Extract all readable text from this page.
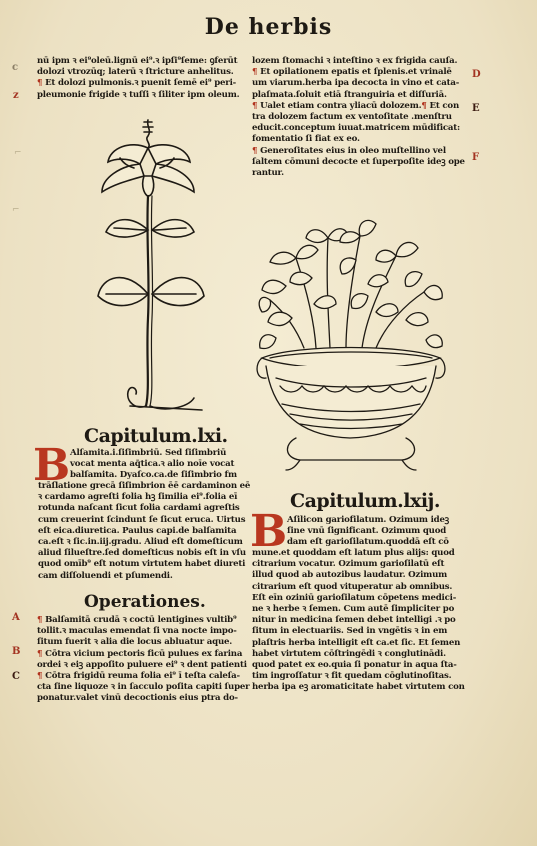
De herbis

nū ipm ꝛ ei⁹oleū.lignū ei⁹.ꝛ ipſi⁹ſeme: ꝯferūt

dolozi vtrozūq; laterū ꝛ ſtricture anhelitus.

¶ Et dolozi pulmonis.ꝛ puenit ſemē ei⁹ peri-

pleumonie frigide ꝛ tuſſi ꝛ ſiliter ipm oleum.

lozem ſtomachi ꝛ inteſtino ꝛ ex frigida cauſa.

¶ Et opilationem epatis et ſplenis.et vrinalē

um viarum.herba ipa decocta in vino et cata-

plaſmata.ſoluit etiā ſtranguiria et diſſuriā.

¶ Ualet etiam contra yliacū dolozem.¶ Et con

tra dolozem factum ex ventoſitate .menſtru

educit.conceptum iuuat.matricem mūdificat:

fomentatio ſi fiat ex eo.

¶ Generoſitates eius in oleo muſtellino vel

ſaltem cōmuni decocte et ſuperpoſite ideꝫ ope

rantur.

c
z
D
E
F
A
B
C
⌐
⌐
Capitulum.lxi.
B Alſamita.i.ſiſimbriū. Sed ſiſimbriū

vocat menta aq̄tica.ꝛ alio noīe vocat

balſamita. Dyaſco.ca.de ſiſimbrio fm

trāſlatione grecā ſiſimbrion ēē cardaminon eē

ꝛ cardamo agreſti folia hꝫ ſimilia ei⁹.folia eī

rotunda naſcant ſicut folia cardami agreſtis

cum creuerint ſcindunt ſe ſicut eruca. Uirtus

eſt eica.diuretica. Paulus capi.de balſamita

ca.eſt ꝛ ſic.in.iij.gradu. Aliud eſt domeſticum

aliud ſilueſtre.ſed domeſticus nobis eſt in vſu

quod omīb⁹ eſt notum virtutem habet diureti

cam diſſoluendi et pſumendi.

Operationes.

¶ Balſamitā crudā ꝛ coctū lentigines vultib⁹

tollit.ꝛ maculas emendat ſi vna nocte impo-

ſitum fuerit ꝛ alia die locus abluatur aque.

¶ Cōtra vicium pectoris ficū pulues ex farina

ordei ꝛ eiꝫ appoſito puluere ei⁹ ꝛ dent patienti

¶ Cōtra frigidū reuma folia ei⁹ ī teſta caleſa-

cta ſine liquoze ꝛ in ſacculo poſita capiti ſuper

ponatur.valet vinū decoctionis eius ptra do-

Capitulum.lxij.
B Aſilicon gariofilatum. Ozimum ideꝫ

ſine vnū ſignificant. Ozimum quod

dam eſt garioſilatum.quoddā eſt cō

mune.et quoddam eſt latum plus alijs: quod

citrarium vocatur. Ozimum garioſilatū eſt

illud quod ab autozibus laudatur. Ozimum

citrarium eſt quod vituperatur ab omnibus.

Eſt eīn oziniū garioſilatum cōpetens medici-

ne ꝛ herbe ꝛ ſemen. Cum autē ſimpliciter po

nitur in medicina ſemen debet intelligi .ꝛ po

ſitum in electuariis. Sed in vngētis ꝛ in em

plaſtris herba intelligit eſt ca.et ſic. Et ſemen

habet virtutem cōſtringēdi ꝛ conglutinādi.

quod patet ex eo.quia ſi ponatur in aqua ſta-

tim ingroſſatur ꝛ fit quedam cōglutinoſitas.

herba ipa eꝫ aromaticitate habet virtutem con
